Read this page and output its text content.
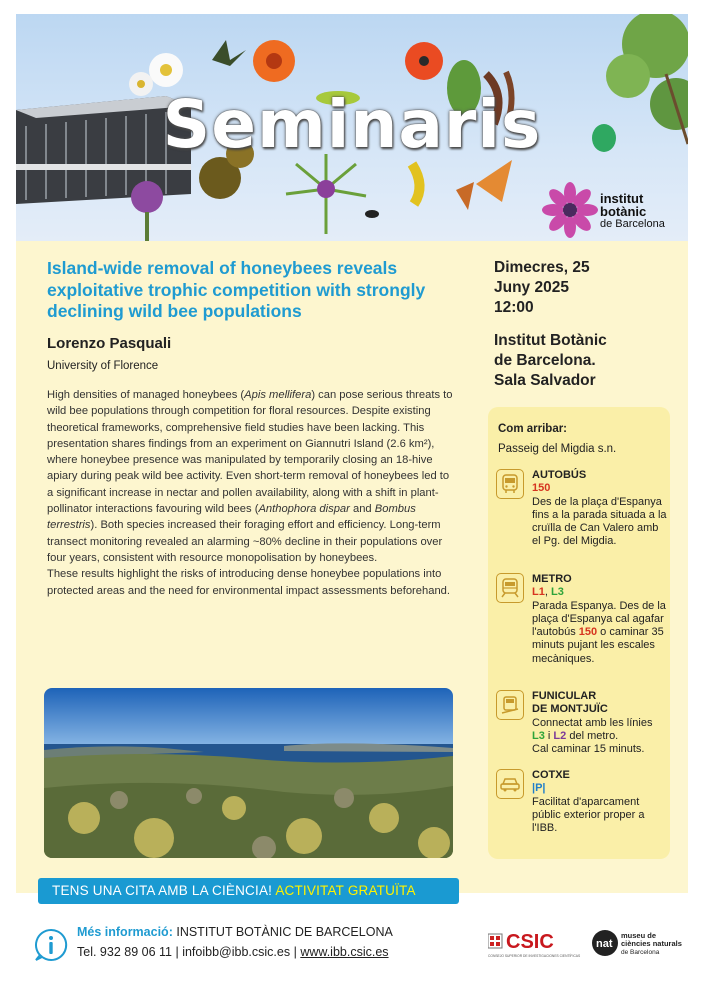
Seminaris
institut
botànic
de Barcelona
Island-wide removal of honeybees reveals exploitative trophic competition with strongly declining wild bee populations
Lorenzo Pasquali
University of Florence
High densities of managed honeybees (Apis mellifera) can pose serious threats to wild bee populations through competition for floral resources. Despite existing theoretical frameworks, comprehensive field studies have been lacking. This presentation shares findings from an experiment on Giannutri Island (2.6 km²), where honeybee presence was manipulated by temporarily closing an 18-hive apiary during peak wild bee activity. Even short-term removal of honeybees led to a significant increase in nectar and pollen availability, along with a shift in plant-pollinator interactions favouring wild bees (Anthophora dispar and Bombus terrestris). Both species increased their foraging effort and efficiency. Long-term transect monitoring revealed an alarming ~80% decline in their populations over four years, consistent with resource monopolisation by honeybees.
These results highlight the risks of introducing dense honeybee populations into protected areas and the need for environmental impact assessments beforehand.
Dimecres, 25
Juny 2025
12:00
Institut Botànic
de Barcelona.
Sala Salvador
Com arribar:
Passeig del Migdia s.n.
AUTOBÚS
150
Des de la plaça d'Espanya fins a la parada situada a la cruïlla de Can Valero amb el Pg. del Migdia.
METRO
L1, L3
Parada Espanya. Des de la plaça d'Espanya cal agafar l'autobús 150 o caminar 35 minuts pujant les escales mecàniques.
FUNICULAR
DE MONTJUÏC
Connectat amb les línies
L3 i L2 del metro.
Cal caminar 15 minuts.
COTXE
|P|
Facilitat d'aparcament públic exterior proper a l'IBB.
TENS UNA CITA AMB LA CIÈNCIA! ACTIVITAT GRATUÏTA
Més informació: INSTITUT BOTÀNIC DE BARCELONA
Tel. 932 89 06 11 | infoibb@ibb.csic.es | www.ibb.csic.es	CSIC
CONSEJO SUPERIOR DE INVESTIGACIONES CIENTÍFICAS
nat
museu de
ciències naturals
de Barcelona
